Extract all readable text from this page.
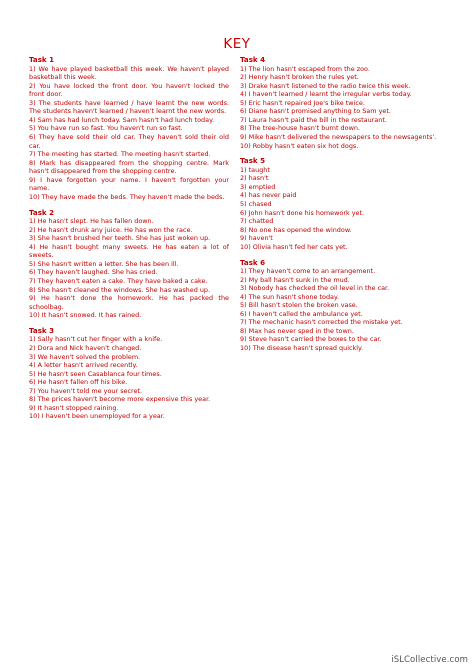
KEY
Task 1
1) We have played basketball this week. We haven't played basketball this week.
2) You have locked the front door. You haven't locked the front door.
3) The students have learned / have learnt the new words. The students haven't learned / haven't learnt the new words.
4) Sam has had lunch today. Sam hasn't had lunch today.
5) You have run so fast. You haven't run so fast.
6) They have sold their old car. They haven't sold their old car.
7) The meeting has started. The meeting hasn't started.
8) Mark has disappeared from the shopping centre. Mark hasn't disappeared from the shopping centre.
9) I have forgotten your name. I haven't forgotten your name.
10) They have made the beds. They haven't made the beds.
Task 2
1) He hasn't slept. He has fallen down.
2) He hasn't drunk any juice. He has won the race.
3) She hasn't brushed her teeth. She has just woken up.
4) He hasn't bought many sweets. He has eaten a lot of sweets.
5) She hasn't written a letter. She has been ill.
6) They haven't laughed. She has cried.
7) They haven't eaten a cake. They have baked a cake.
8) She hasn't cleaned the windows. She has washed up.
9) He hasn't done the homework. He has packed the schoolbag.
10) It hasn't snowed. It has rained.
Task 3
1) Sally hasn't cut her finger with a knife.
2) Dora and Nick haven't changed.
3) We haven't solved the problem.
4) A letter hasn't arrived recently.
5) He hasn't seen Casablanca four times.
6) He hasn't fallen off his bike.
7) You haven't told me your secret.
8) The prices haven't become more expensive this year.
9) It hasn't stopped raining.
10) I haven't been unemployed for a year.
Task 4
1) The lion hasn't escaped from the zoo.
2) Henry hasn't broken the rules yet.
3) Drake hasn't listened to the radio twice this week.
4) I haven't learned / learnt the irregular verbs today.
5) Eric hasn't repaired Joe's bike twice.
6) Diane hasn't promised anything to Sam yet.
7) Laura hasn't paid the bill in the restaurant.
8) The tree-house hasn't burnt down.
9) Mike hasn't delivered the newspapers to the newsagents'.
10) Robby hasn't eaten six hot dogs.
Task 5
1) taught
2) hasn't
3) emptied
4) has never paid
5) chased
6) John hasn't done his homework yet.
7) chatted
8) No one has opened the window.
9) haven't
10) Olivia hasn't fed her cats yet.
Task 6
1) They haven't come to an arrangement.
2) My ball hasn't sunk in the mud.
3) Nobody has checked the oil level in the car.
4) The sun hasn't shone today.
5) Bill hasn't stolen the broken vase.
6) I haven't called the ambulance yet.
7) The mechanic hasn't corrected the mistake yet.
8) Max has never sped in the town.
9) Steve hasn't carried the boxes to the car.
10) The disease hasn't spread quickly.
iSLCollective.com
